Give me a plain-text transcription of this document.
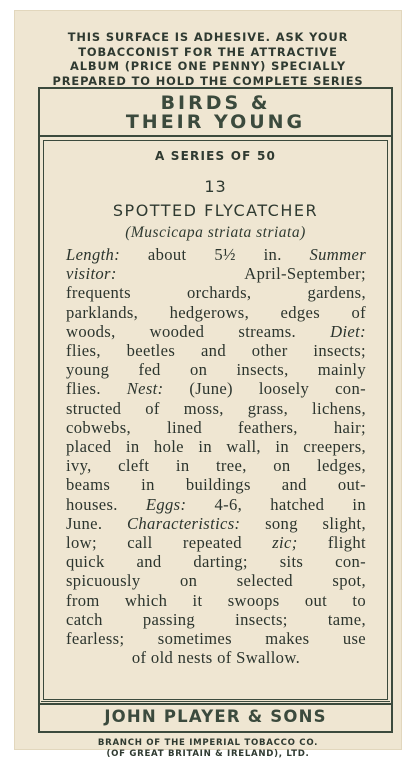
THIS SURFACE IS ADHESIVE. ASK YOUR
TOBACCONIST FOR THE ATTRACTIVE
ALBUM (PRICE ONE PENNY) SPECIALLY
PREPARED TO HOLD THE COMPLETE SERIES
BIRDS &
THEIR YOUNG
A SERIES OF 50
13
SPOTTED FLYCATCHER
(Muscicapa striata striata)
Length: about 5½ in. Summer
visitor: April-September;
frequents orchards, gardens,
parklands, hedgerows, edges of
woods, wooded streams. Diet:
flies, beetles and other insects;
young fed on insects, mainly
flies. Nest: (June) loosely con-
structed of moss, grass, lichens,
cobwebs, lined feathers, hair;
placed in hole in wall, in creepers,
ivy, cleft in tree, on ledges,
beams in buildings and out-
houses. Eggs: 4-6, hatched in
June. Characteristics: song slight,
low; call repeated zic; flight
quick and darting; sits con-
spicuously on selected spot,
from which it swoops out to
catch passing insects; tame,
fearless; sometimes makes use
of old nests of Swallow.
JOHN PLAYER & SONS
BRANCH OF THE IMPERIAL TOBACCO CO.
(OF GREAT BRITAIN & IRELAND), LTD.
